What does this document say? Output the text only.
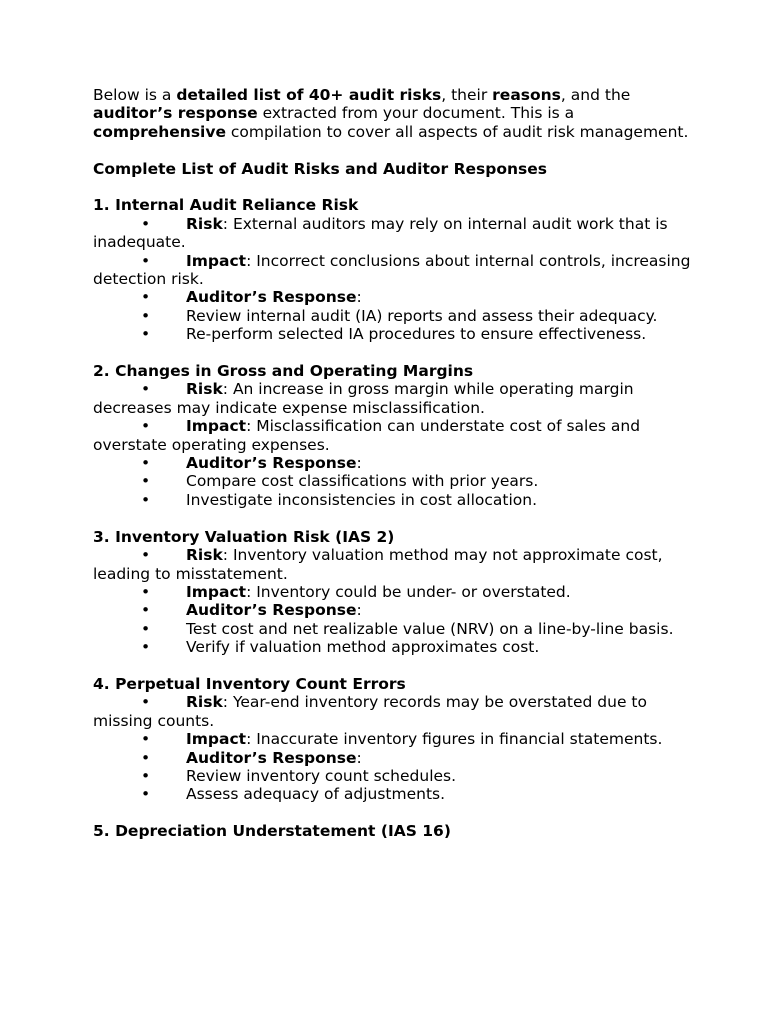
Below is a detailed list of 40+ audit risks, their reasons, and the auditor’s response extracted from your document. This is a comprehensive compilation to cover all aspects of audit risk management.

Complete List of Audit Risks and Auditor Responses

1. Internal Audit Reliance Risk

• Risk: External auditors may rely on internal audit work that is inadequate.

• Impact: Incorrect conclusions about internal controls, increasing detection risk.

• Auditor’s Response:

• Review internal audit (IA) reports and assess their adequacy.

• Re-perform selected IA procedures to ensure effectiveness.

2. Changes in Gross and Operating Margins

• Risk: An increase in gross margin while operating margin decreases may indicate expense misclassification.

• Impact: Misclassification can understate cost of sales and overstate operating expenses.

• Auditor’s Response:

• Compare cost classifications with prior years.

• Investigate inconsistencies in cost allocation.

3. Inventory Valuation Risk (IAS 2)

• Risk: Inventory valuation method may not approximate cost, leading to misstatement.

• Impact: Inventory could be under- or overstated.

• Auditor’s Response:

• Test cost and net realizable value (NRV) on a line-by-line basis.

• Verify if valuation method approximates cost.

4. Perpetual Inventory Count Errors

• Risk: Year-end inventory records may be overstated due to missing counts.

• Impact: Inaccurate inventory figures in financial statements.

• Auditor’s Response:

• Review inventory count schedules.

• Assess adequacy of adjustments.

5. Depreciation Understatement (IAS 16)
